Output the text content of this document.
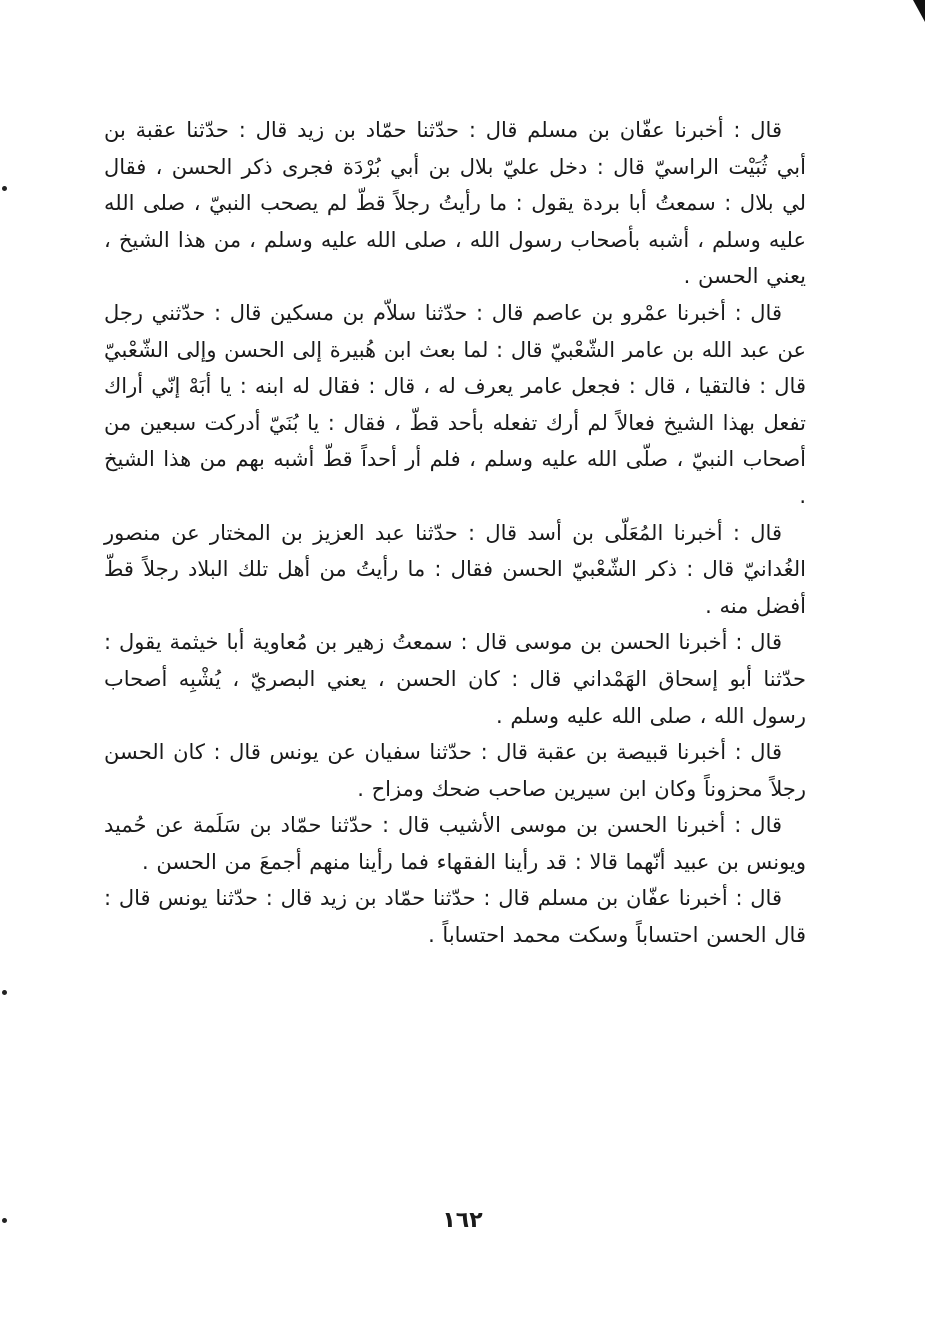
قال : أخبرنا عفّان بن مسلم قال : حدّثنا حمّاد بن زيد قال : حدّثنا عقبة بن أبي ثُبَيْت الراسيّ قال : دخل عليّ بلال بن أبي بُرْدَة فجرى ذكر الحسن ، فقال لي بلال : سمعتُ أبا بردة يقول : ما رأيتُ رجلاً قطّ لم يصحب النبيّ ، صلى الله عليه وسلم ، أشبه بأصحاب رسول الله ، صلى الله عليه وسلم ، من هذا الشيخ ، يعني الحسن .

قال : أخبرنا عمْرو بن عاصم قال : حدّثنا سلاّم بن مسكين قال : حدّثني رجل عن عبد الله بن عامر الشّعْبيّ قال : لما بعث ابن هُبيرة إلى الحسن وإلى الشّعْبيّ قال : فالتقيا ، قال : فجعل عامر يعرف له ، قال : فقال له ابنه : يا أبَهْ إنّي أراك تفعل بهذا الشيخ فعالاً لم أرك تفعله بأحد قطّ ، فقال : يا بُنَيّ أدركت سبعين من أصحاب النبيّ ، صلّى الله عليه وسلم ، فلم أر أحداً قطّ أشبه بهم من هذا الشيخ .

قال : أخبرنا المُعَلّى بن أسد قال : حدّثنا عبد العزيز بن المختار عن منصور الغُدانيّ قال : ذكر الشّعْبيّ الحسن فقال : ما رأيتُ من أهل تلك البلاد رجلاً قطّ أفضل منه .

قال : أخبرنا الحسن بن موسى قال : سمعتُ زهير بن مُعاوية أبا خيثمة يقول : حدّثنا أبو إسحاق الهَمْداني قال : كان الحسن ، يعني البصريّ ، يُشْبِه أصحاب رسول الله ، صلى الله عليه وسلم .

قال : أخبرنا قبيصة بن عقبة قال : حدّثنا سفيان عن يونس قال : كان الحسن رجلاً محزوناً وكان ابن سيرين صاحب ضحك ومزاح .

قال : أخبرنا الحسن بن موسى الأشيب قال : حدّثنا حمّاد بن سَلَمة عن حُميد ويونس بن عبيد أنّهما قالا : قد رأينا الفقهاء فما رأينا منهم أجمعَ من الحسن .

قال : أخبرنا عفّان بن مسلم قال : حدّثنا حمّاد بن زيد قال : حدّثنا يونس قال : قال الحسن احتساباً وسكت محمد احتساباً .

١٦٢
